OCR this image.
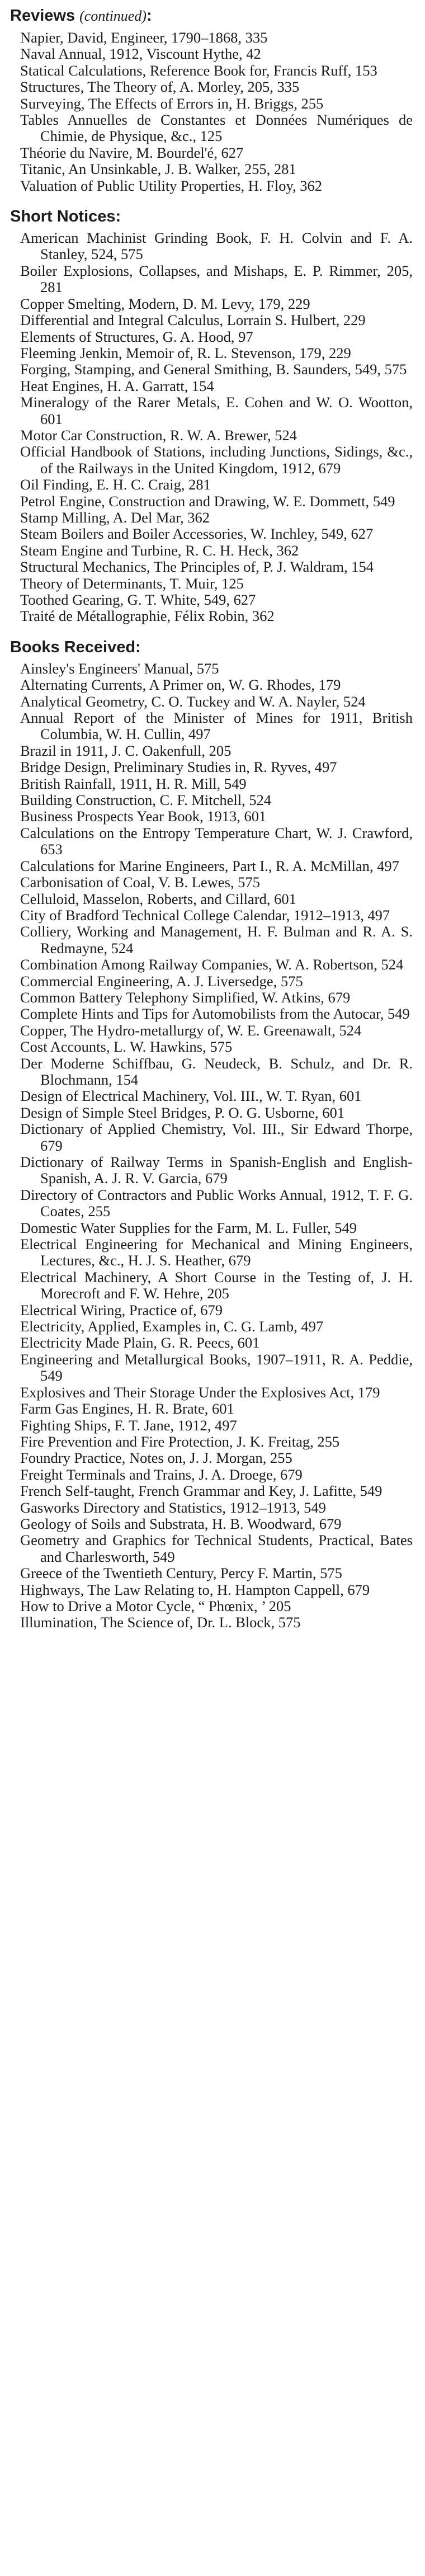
Reviews (continued):
Napier, David, Engineer, 1790–1868, 335
Naval Annual, 1912, Viscount Hythe, 42
Statical Calculations, Reference Book for, Francis Ruff, 153
Structures, The Theory of, A. Morley, 205, 335
Surveying, The Effects of Errors in, H. Briggs, 255
Tables Annuelles de Constantes et Données Numériques de Chimie, de Physique, &c., 125
Théorie du Navire, M. Bourdel'é, 627
Titanic, An Unsinkable, J. B. Walker, 255, 281
Valuation of Public Utility Properties, H. Floy, 362
Short Notices:
American Machinist Grinding Book, F. H. Colvin and F. A. Stanley, 524, 575
Boiler Explosions, Collapses, and Mishaps, E. P. Rimmer, 205, 281
Copper Smelting, Modern, D. M. Levy, 179, 229
Differential and Integral Calculus, Lorrain S. Hulbert, 229
Elements of Structures, G. A. Hood, 97
Fleeming Jenkin, Memoir of, R. L. Stevenson, 179, 229
Forging, Stamping, and General Smithing, B. Saunders, 549, 575
Heat Engines, H. A. Garratt, 154
Mineralogy of the Rarer Metals, E. Cohen and W. O. Wootton, 601
Motor Car Construction, R. W. A. Brewer, 524
Official Handbook of Stations, including Junctions, Sidings, &c., of the Railways in the United Kingdom, 1912, 679
Oil Finding, E. H. C. Craig, 281
Petrol Engine, Construction and Drawing, W. E. Dommett, 549
Stamp Milling, A. Del Mar, 362
Steam Boilers and Boiler Accessories, W. Inchley, 549, 627
Steam Engine and Turbine, R. C. H. Heck, 362
Structural Mechanics, The Principles of, P. J. Waldram, 154
Theory of Determinants, T. Muir, 125
Toothed Gearing, G. T. White, 549, 627
Traité de Métallographie, Félix Robin, 362
Books Received:
Ainsley's Engineers' Manual, 575
Alternating Currents, A Primer on, W. G. Rhodes, 179
Analytical Geometry, C. O. Tuckey and W. A. Nayler, 524
Annual Report of the Minister of Mines for 1911, British Columbia, W. H. Cullin, 497
Brazil in 1911, J. C. Oakenfull, 205
Bridge Design, Preliminary Studies in, R. Ryves, 497
British Rainfall, 1911, H. R. Mill, 549
Building Construction, C. F. Mitchell, 524
Business Prospects Year Book, 1913, 601
Calculations on the Entropy Temperature Chart, W. J. Crawford, 653
Calculations for Marine Engineers, Part I., R. A. McMillan, 497
Carbonisation of Coal, V. B. Lewes, 575
Celluloid, Masselon, Roberts, and Cillard, 601
City of Bradford Technical College Calendar, 1912–1913, 497
Colliery, Working and Management, H. F. Bulman and R. A. S. Redmayne, 524
Combination Among Railway Companies, W. A. Robertson, 524
Commercial Engineering, A. J. Liversedge, 575
Common Battery Telephony Simplified, W. Atkins, 679
Complete Hints and Tips for Automobilists from the Autocar, 549
Copper, The Hydro-metallurgy of, W. E. Greenawalt, 524
Cost Accounts, L. W. Hawkins, 575
Der Moderne Schiffbau, G. Neudeck, B. Schulz, and Dr. R. Blochmann, 154
Design of Electrical Machinery, Vol. III., W. T. Ryan, 601
Design of Simple Steel Bridges, P. O. G. Usborne, 601
Dictionary of Applied Chemistry, Vol. III., Sir Edward Thorpe, 679
Dictionary of Railway Terms in Spanish-English and English-Spanish, A. J. R. V. Garcia, 679
Directory of Contractors and Public Works Annual, 1912, T. F. G. Coates, 255
Domestic Water Supplies for the Farm, M. L. Fuller, 549
Electrical Engineering for Mechanical and Mining Engineers, Lectures, &c., H. J. S. Heather, 679
Electrical Machinery, A Short Course in the Testing of, J. H. Morecroft and F. W. Hehre, 205
Electrical Wiring, Practice of, 679
Electricity, Applied, Examples in, C. G. Lamb, 497
Electricity Made Plain, G. R. Peecs, 601
Engineering and Metallurgical Books, 1907–1911, R. A. Peddie, 549
Explosives and Their Storage Under the Explosives Act, 179
Farm Gas Engines, H. R. Brate, 601
Fighting Ships, F. T. Jane, 1912, 497
Fire Prevention and Fire Protection, J. K. Freitag, 255
Foundry Practice, Notes on, J. J. Morgan, 255
Freight Terminals and Trains, J. A. Droege, 679
French Self-taught, French Grammar and Key, J. Lafitte, 549
Gasworks Directory and Statistics, 1912–1913, 549
Geology of Soils and Substrata, H. B. Woodward, 679
Geometry and Graphics for Technical Students, Practical, Bates and Charlesworth, 549
Greece of the Twentieth Century, Percy F. Martin, 575
Highways, The Law Relating to, H. Hampton Cappell, 679
How to Drive a Motor Cycle, “ Phœnix, ’ 205
Illumination, The Science of, Dr. L. Block, 575
